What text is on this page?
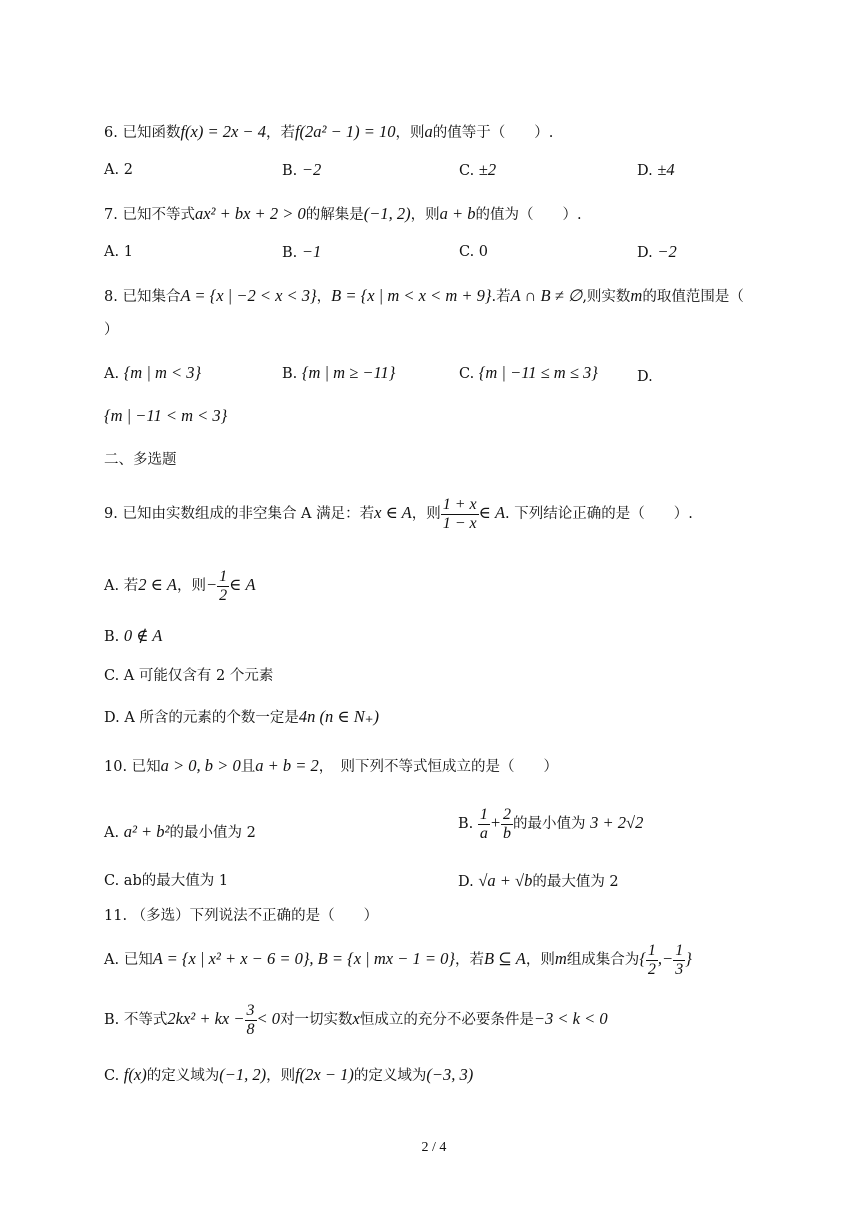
6. 已知函数f(x) = 2x − 4，若f(2a² − 1) = 10，则a的值等于（　　）.
A. 2	B. −2	C. ±2	D. ±4
7. 已知不等式ax² + bx + 2 > 0的解集是(−1, 2)，则a + b的值为（　　）.
A. 1	B. −1	C. 0	D. −2
8. 已知集合A = {x | −2 < x < 3}，B = {x | m < x < m + 9}.若A ∩ B ≠ ∅,则实数m的取值范围是（
）
A. {m | m < 3}	B. {m | m ≥ −11}	C. {m | −11 ≤ m ≤ 3}	D.
{m | −11 < m < 3}
二、多选题
9. 已知由实数组成的非空集合 A 满足：若x ∈ A，则 $\frac{1 + x}{1 - x}$ ∈ A. 下列结论正确的是（　　）.
A. 若2 ∈ A，则− $\frac{1}{2}$ ∈ A
B. 0 ∉ A
C. A 可能仅含有 2 个元素
D. A 所含的元素的个数一定是4n (n ∈ N₊)
10. 已知a > 0, b > 0且a + b = 2，　则下列不等式恒成立的是（　　）
A. a² + b²的最小值为 2
B. $\frac{1}{a} + \frac{2}{b}$ 的最小值为 3 + 2√2
C. ab的最大值为 1	D. √a + √b的最大值为 2
11. （多选）下列说法不正确的是（　　）
A. 已知A = {x | x² + x − 6 = 0}, B = {x | mx − 1 = 0}，若B ⊆ A，则m组成集合为{ $\frac{1}{2}$ ,− $\frac{1}{3}$ }
B. 不等式2kx² + kx − $\frac{3}{8} < 0$对一切实数x恒成立的充分不必要条件是−3 < k < 0
C. f(x)的定义域为(−1, 2)，则f(2x − 1)的定义域为(−3, 3)
2 / 4
